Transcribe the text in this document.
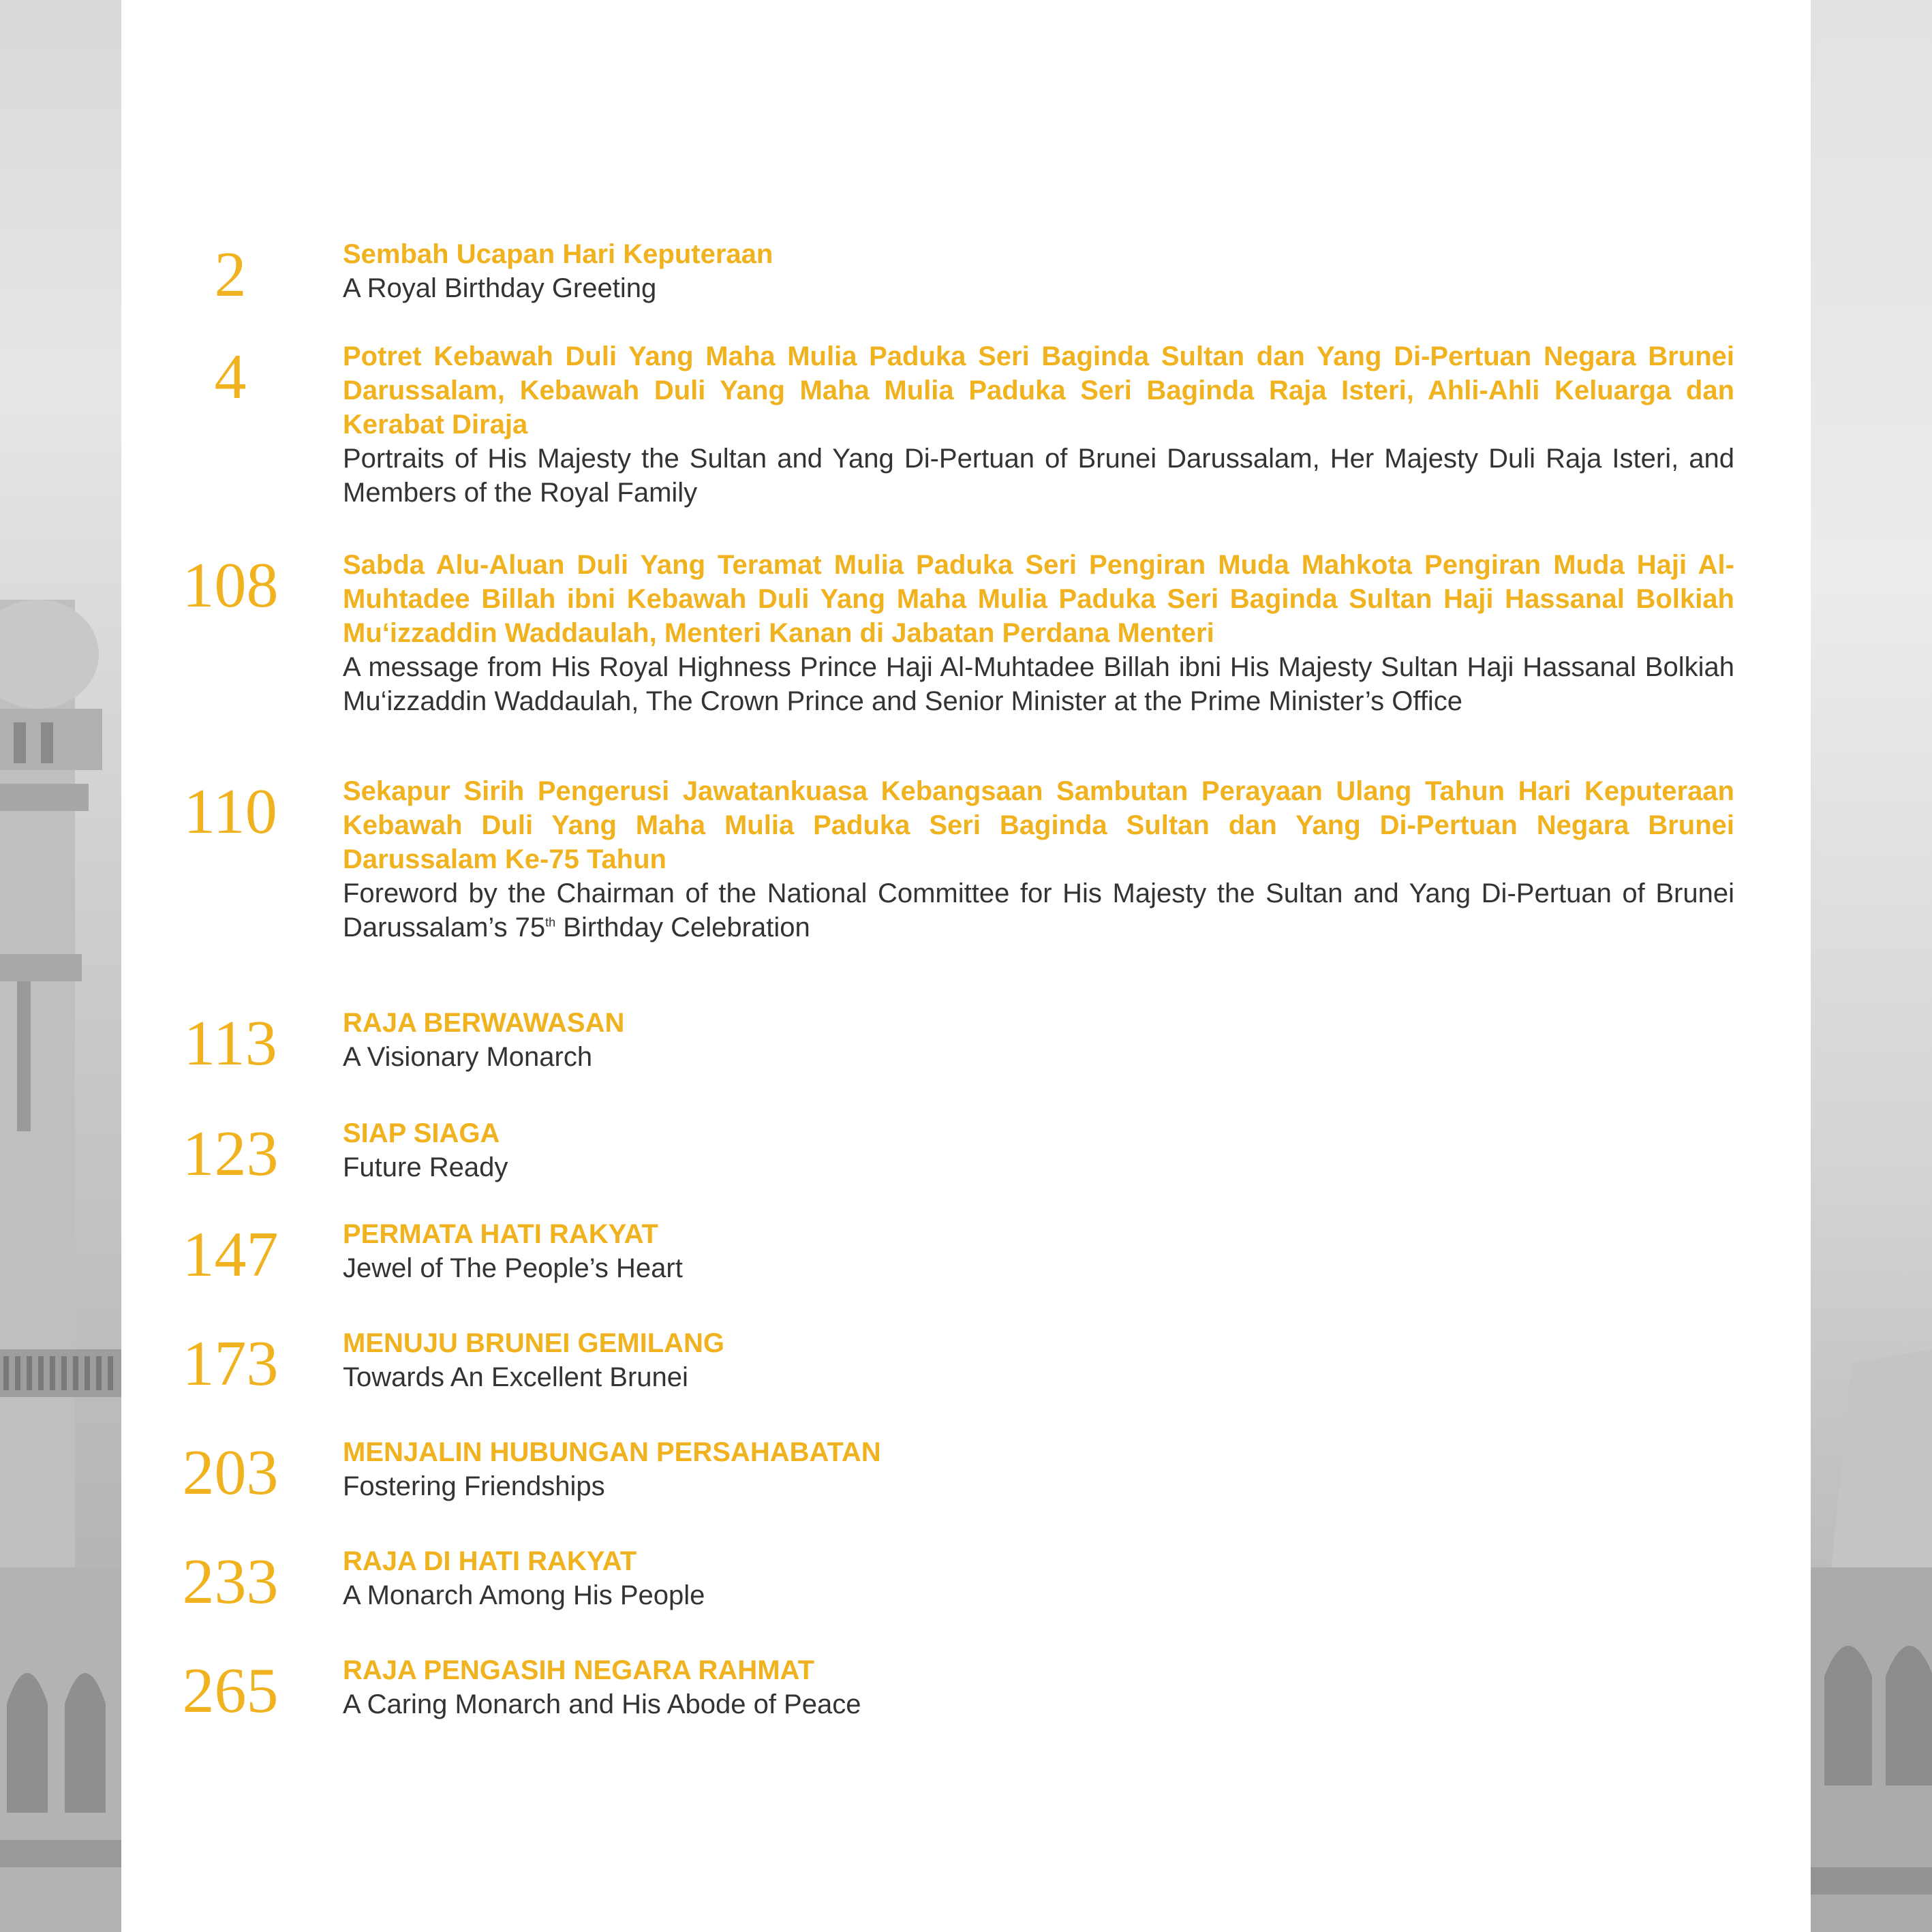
2	Sembah Ucapan Hari Keputeraan

A Royal Birthday Greeting

4	Potret Kebawah Duli Yang Maha Mulia Paduka Seri Baginda Sultan dan Yang Di-Pertuan Negara Brunei Darussalam, Kebawah Duli Yang Maha Mulia Paduka Seri Baginda Raja Isteri, Ahli-Ahli Keluarga dan Kerabat Diraja

Portraits of His Majesty the Sultan and Yang Di-Pertuan of Brunei Darussalam, Her Majesty Duli Raja Isteri, and Members of the Royal Family

108	Sabda Alu-Aluan Duli Yang Teramat Mulia Paduka Seri Pengiran Muda Mahkota Pengiran Muda Haji Al-Muhtadee Billah ibni Kebawah Duli Yang Maha Mulia Paduka Seri Baginda Sultan Haji Hassanal Bolkiah Mu‘izzaddin Waddaulah, Menteri Kanan di Jabatan Perdana Menteri

A message from His Royal Highness Prince Haji Al-Muhtadee Billah ibni His Majesty Sultan Haji Hassanal Bolkiah Mu‘izzaddin Waddaulah, The Crown Prince and Senior Minister at the Prime Minister’s Office

110	Sekapur Sirih Pengerusi Jawatankuasa Kebangsaan Sambutan Perayaan Ulang Tahun Hari Keputeraan Kebawah Duli Yang Maha Mulia Paduka Seri Baginda Sultan dan Yang Di-Pertuan Negara Brunei Darussalam Ke-75 Tahun

Foreword by the Chairman of the National Committee for His Majesty the Sultan and Yang Di-Pertuan of Brunei Darussalam’s 75th Birthday Celebration

113	RAJA BERWAWASAN

A Visionary Monarch

123	SIAP SIAGA

Future Ready

147	PERMATA HATI RAKYAT

Jewel of The People’s Heart

173	MENUJU BRUNEI GEMILANG

Towards An Excellent Brunei

203	MENJALIN HUBUNGAN PERSAHABATAN

Fostering Friendships

233	RAJA DI HATI RAKYAT

A Monarch Among His People

265	RAJA PENGASIH NEGARA RAHMAT

A Caring Monarch and His Abode of Peace
